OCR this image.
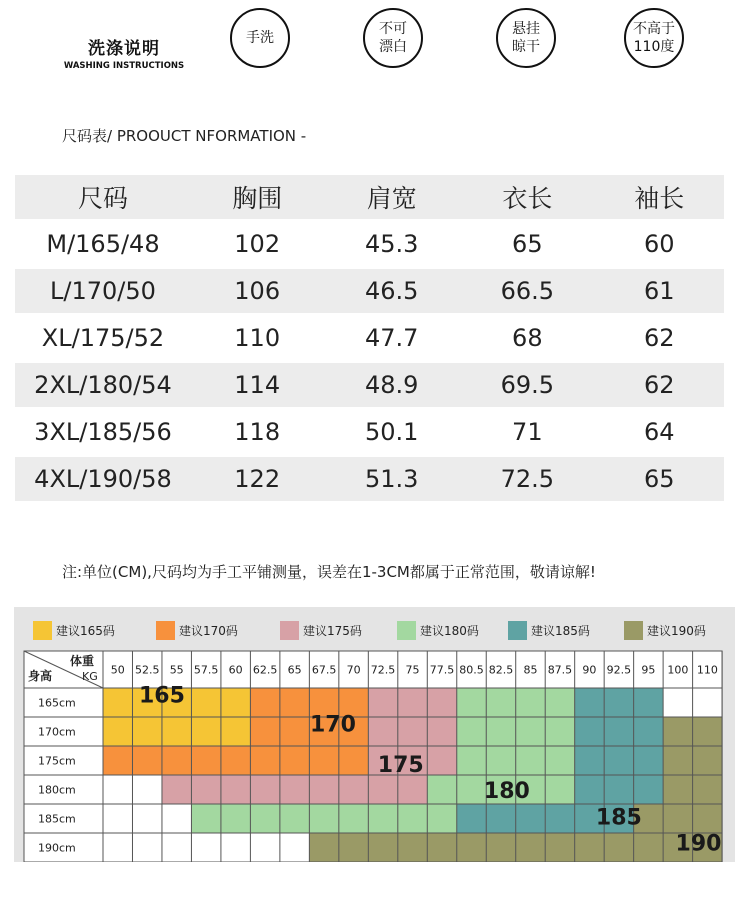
洗涤说明
WASHING INSTRUCTIONS
手洗
不可
漂白
悬挂
晾干
不高于
110度
尺码表/ PROOUCT NFORMATION -
尺码	胸围	肩宽	衣长	袖长
M/165/48	102	45.3	65	60
L/170/50	106	46.5	66.5	61
XL/175/52	110	47.7	68	62
2XL/180/54	114	48.9	69.5	62
3XL/185/56	118	50.1	71	64
4XL/190/58	122	51.3	72.5	65
注:单位(CM),尺码均为手工平铺测量，误差在1-3CM都属于正常范围，敬请谅解!
建议165码	建议170码	建议175码	建议180码	建议185码	建议190码
体重
KG
身高	50 52.5 55 57.5 60 62.5 65 67.5 70 72.5 75 77.5 80.5 82.5 85 87.5 90 92.5 95 100 110
165cm
170cm
175cm
180cm
185cm
190cm
165
170
175
180
185
190
